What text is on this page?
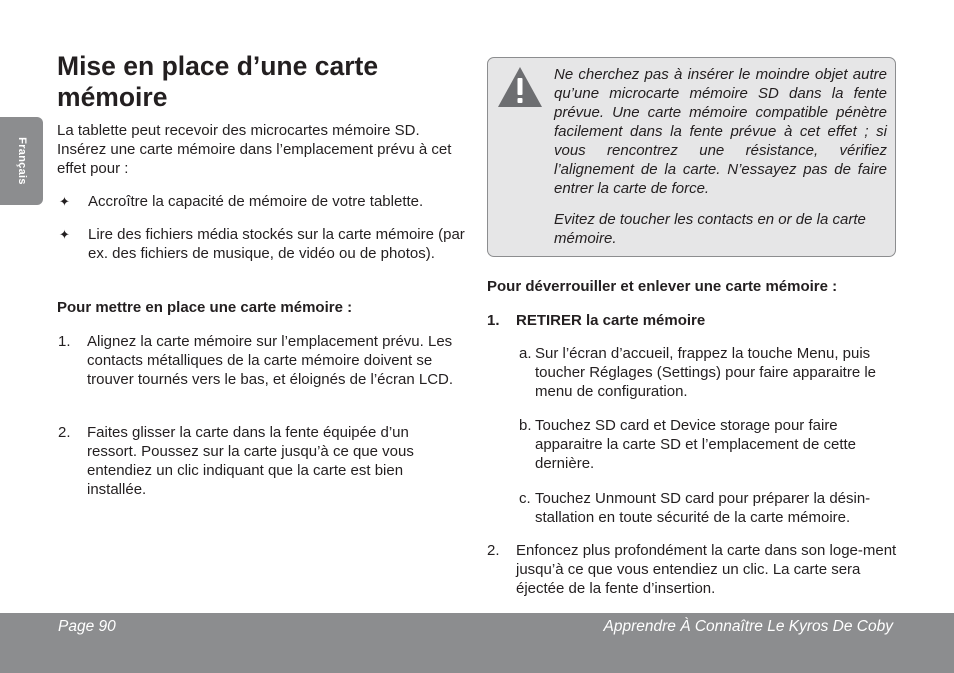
Français
Mise en place d’une carte mémoire
La tablette peut recevoir des microcartes mémoire SD. Insérez une carte mémoire dans l’emplacement prévu à cet effet pour :
✦ Accroître la capacité de mémoire de votre tablette.
✦ Lire des fichiers média stockés sur la carte mémoire (par ex. des fichiers de musique, de vidéo ou de photos).
Pour mettre en place une carte mémoire :
1. Alignez la carte mémoire sur l’emplacement prévu. Les contacts métalliques de la carte mémoire doivent se trouver tournés vers le bas, et éloignés de l’écran LCD.
2. Faites glisser la carte dans la fente équipée d’un ressort. Poussez sur la carte jusqu’à ce que vous entendiez un clic indiquant que la carte est bien installée.
Ne cherchez pas à insérer le moindre objet autre qu’une microcarte mémoire SD dans la fente prévue. Une carte mémoire compatible pénètre facilement dans la fente prévue à cet effet ; si vous rencontrez une résistance, vérifiez l’alignement de la carte. N’essayez pas de faire entrer la carte de force.
Evitez de toucher les contacts en or de la carte mémoire.
Pour déverrouiller et enlever une carte mémoire :
1. RETIRER la carte mémoire
a. Sur l’écran d’accueil, frappez la touche Menu, puis toucher Réglages (Settings) pour faire apparaitre le menu de configuration.
b. Touchez SD card et Device storage pour faire apparaitre la carte SD et l’emplacement de cette dernière.
c. Touchez Unmount SD card pour préparer la désin-stallation en toute sécurité de la carte mémoire.
2. Enfoncez plus profondément la carte dans son loge-ment jusqu’à ce que vous entendiez un clic. La carte sera éjectée de la fente d’insertion.
Page 90	Apprendre À Connaître Le Kyros De Coby
